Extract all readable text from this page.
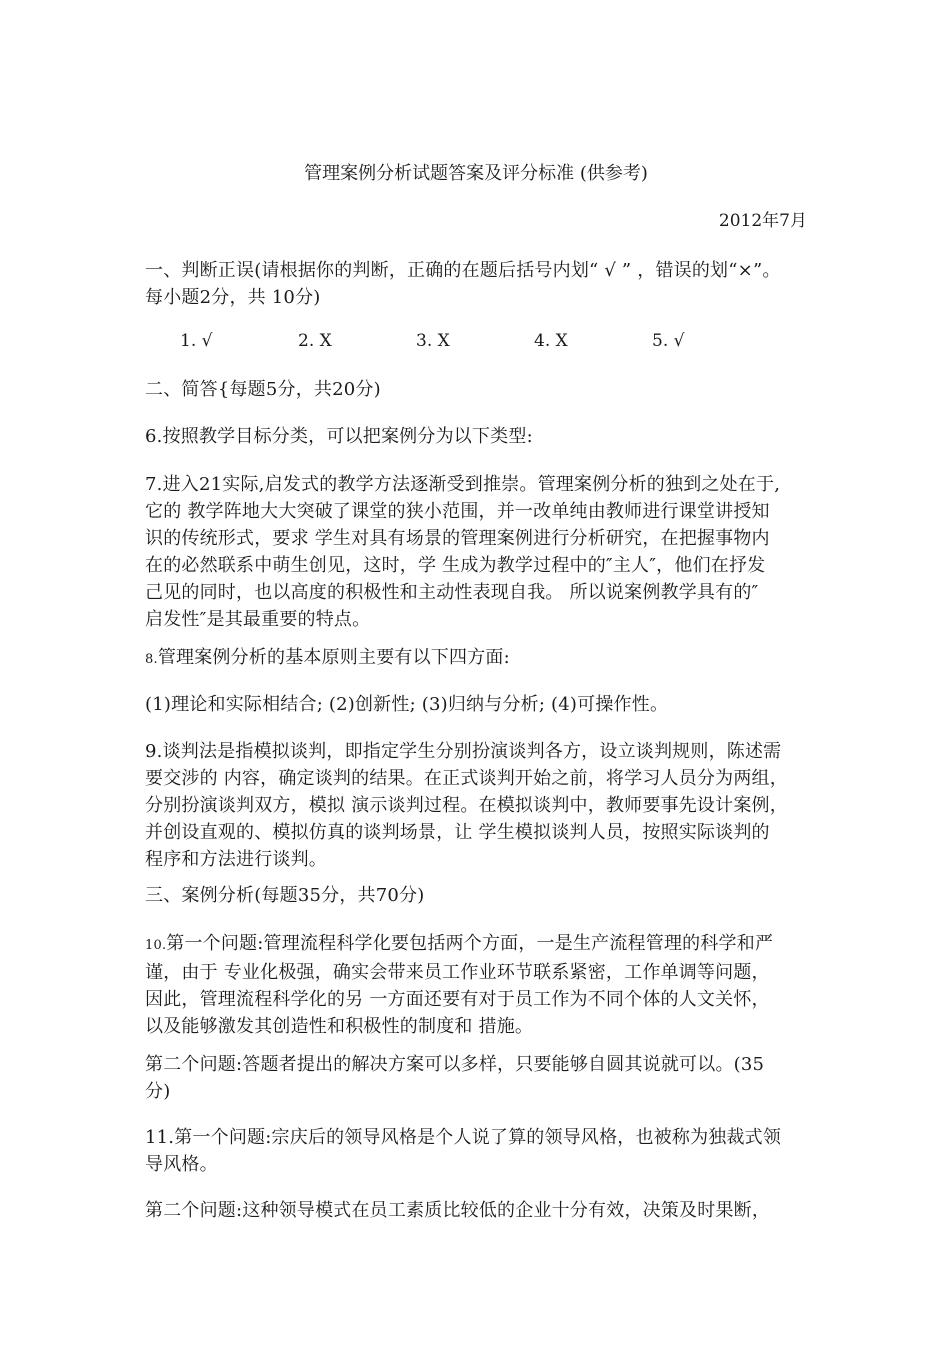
管理案例分析试题答案及评分标准 (供参考)
2012年7月
一、判断正误(请根据你的判断，正确的在题后括号内划“ √ ” ，错误的划“×”。
每小题2分，共 10分)
1. √	2. X	3. X	4. X	5. √
二、简答{每题5分，共20分)
6.按照教学目标分类，可以把案例分为以下类型:
7.进入21实际,启发式的教学方法逐渐受到推崇。管理案例分析的独到之处在于,
它的 教学阵地大大突破了课堂的狭小范围，并一改单纯由教师进行课堂讲授知
识的传统形式，要求 学生对具有场景的管理案例进行分析研究，在把握事物内
在的必然联系中萌生创见，这时，学 生成为教学过程中的″主人″，他们在抒发
己见的同时，也以高度的积极性和主动性表现自我。 所以说案例教学具有的″
启发性″是其最重要的特点。
8.管理案例分析的基本原则主要有以下四方面:
(1)理论和实际相结合; (2)创新性; (3)归纳与分析; (4)可操作性。
9.谈判法是指模拟谈判，即指定学生分别扮演谈判各方，设立谈判规则，陈述需
要交涉的 内容，确定谈判的结果。在正式谈判开始之前，将学习人员分为两组，
分别扮演谈判双方，模拟 演示谈判过程。在模拟谈判中，教师要事先设计案例，
并创设直观的、模拟仿真的谈判场景，让 学生模拟谈判人员，按照实际谈判的
程序和方法进行谈判。
三、案例分析(每题35分，共70分)
10.第一个问题:管理流程科学化要包括两个方面，一是生产流程管理的科学和严
谨，由于 专业化极强，确实会带来员工作业环节联系紧密，工作单调等问题，
因此，管理流程科学化的另 一方面还要有对于员工作为不同个体的人文关怀，
以及能够激发其创造性和积极性的制度和 措施。
第二个问题:答题者提出的解决方案可以多样，只要能够自圆其说就可以。(35
分)
11.第一个问题:宗庆后的领导风格是个人说了算的领导风格，也被称为独裁式领
导风格。
第二个问题:这种领导模式在员工素质比较低的企业十分有效，决策及时果断，
